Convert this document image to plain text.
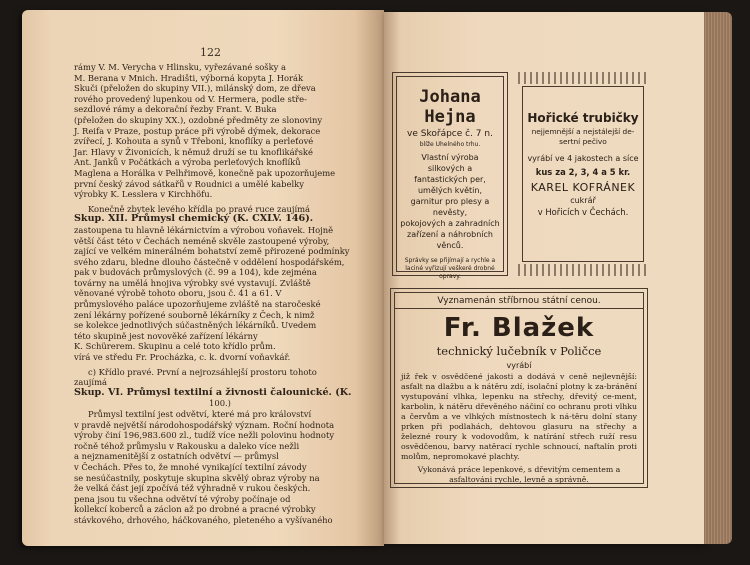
122

rámy V. M. Verycha v Hlinsku, vyřezávané sošky a

M. Berana v Mnich. Hradišti, výborná kopyta J. Horák

Skuči (přeložen do skupiny VII.), milánský dom, ze dřeva

rového provedený lupenkou od V. Hermera, podle stře-

sezdlové rámy a dekorační řezby Frant. V. Buka

(přeložen do skupiny XX.), ozdobné předměty ze slonoviny

J. Reifa v Praze, postup práce při výrobě dýmek, dekorace

zvířecí, J. Kohouta a synů v Třeboni, knoflíky a perleťové

Jar. Hlavy v Živonicích, k němuž druží se tu knoflikářské

Ant. Janků v Počátkách a výroba perleťových knoflíků

Maglena a Horálka v Pelhřimově, konečně pak upozorňujeme

první český závod sátkařů v Roudnici a umělé kabelky

výrobky K. Lesslera v Kirchhöfu.

Konečně zbytek levého křídla po pravé ruce zaujímá

Skup. XII. Průmysl chemický (K. CXLV. 146).

zastoupena tu hlavně lékárnictvím a výrobou voňavek. Hojně

větší část této v Čechách neméně skvěle zastoupené výroby,

zající ve velkém minerálném bohatství země přirozené podmínky

svého zdaru, bledne dlouho částečně v oddělení hospodářském,

pak v budovách průmyslových (č. 99 a 104), kde zejména

továrny na umělá hnojiva výrobky své vystavují. Zvláště

věnované výrobě tohoto oboru, jsou č. 41 a 61. V

průmyslového paláce upozorňujeme zvláště na staročeské

zení lékárny pořízené souborně lékárníky z Čech, k nimž

se kolekce jednotlivých súčastněných lékárníků. Uvedem

této skupině jest novověké zařízení lékárny

K. Schürerem. Skupinu a celé toto křídlo prům.

vírá ve středu Fr. Procházka, c. k. dvorní voňavkář.

c) Křídlo pravé. První a nejrozsáhlejší prostoru tohoto

zaujímá

Skup. VI. Průmysl textilní a živnosti čalounické. (K.

100.)

Průmysl textilní jest odvětví, které má pro království

v pravdě největší národohospodářský význam. Roční hodnota

výroby činí 196,983.600 zl., tudíž více nežli polovinu hodnoty

ročně téhož průmyslu v Rakousku a daleko více nežli

a nejznamenitější z ostatních odvětví — průmysl

v Čechách. Přes to, že mnohé vynikající textilní závody

se nesúčastnily, poskytuje skupina skvělý obraz výroby na

že velká část její zpočívá též výhradně v rukou českých.

pena jsou tu všechna odvětví té výroby počínaje od

kollekcí koberců a záclon až po drobné a pracné výrobky

stávkového, drhového, háčkovaného, pleteného a vyšívaného

Johana Hejna
ve Skořápce č. 7 n.
blíže Uhelného trhu.
Vlastní výroba
silkových a fantastických per,
umělých květin,
garnitur pro plesy a
nevěsty,
pokojových a zahradních
zařízení a náhrobních
věnců.
Správky se přijímají a rychle a laciné vyřizují veškeré drobné opravy.
Hořické trubičky
nejjemnější a nejstálejší de-sertní pečivo
vyrábí ve 4 jakostech a síce
kus za 2, 3, 4 a 5 kr.
KAREL KOFRÁNEK
cukrář
v Hořicích v Čechách.
Vyznamenán stříbrnou státní cenou.
Fr. Blažek
technický lučebník v Poličce
vyrábí
již řek v osvědčené jakosti a dodává v ceně nejlevnější: asfalt na dlažbu a k nátěru zdí, isolační plotny k za-bránění vystupování vlhka, lepenku na střechy, dřevitý ce-ment, karbolin, k nátěru dřevěného náčiní co ochranu proti vlhku a červům a ve vlhkých místnostech k ná-těru dolní stany prken při podlahách, dehtovou glasuru na střechy a železné roury k vodovodům, k natírání střech ruží resu osvědčenou, barvy natěrací rychle schnoucí, naftalín proti molům, nepromokavé plachty.
Vykonává práce lepenkové, s dřevitým cementem a asfaltováni rychle, levně a správně.
